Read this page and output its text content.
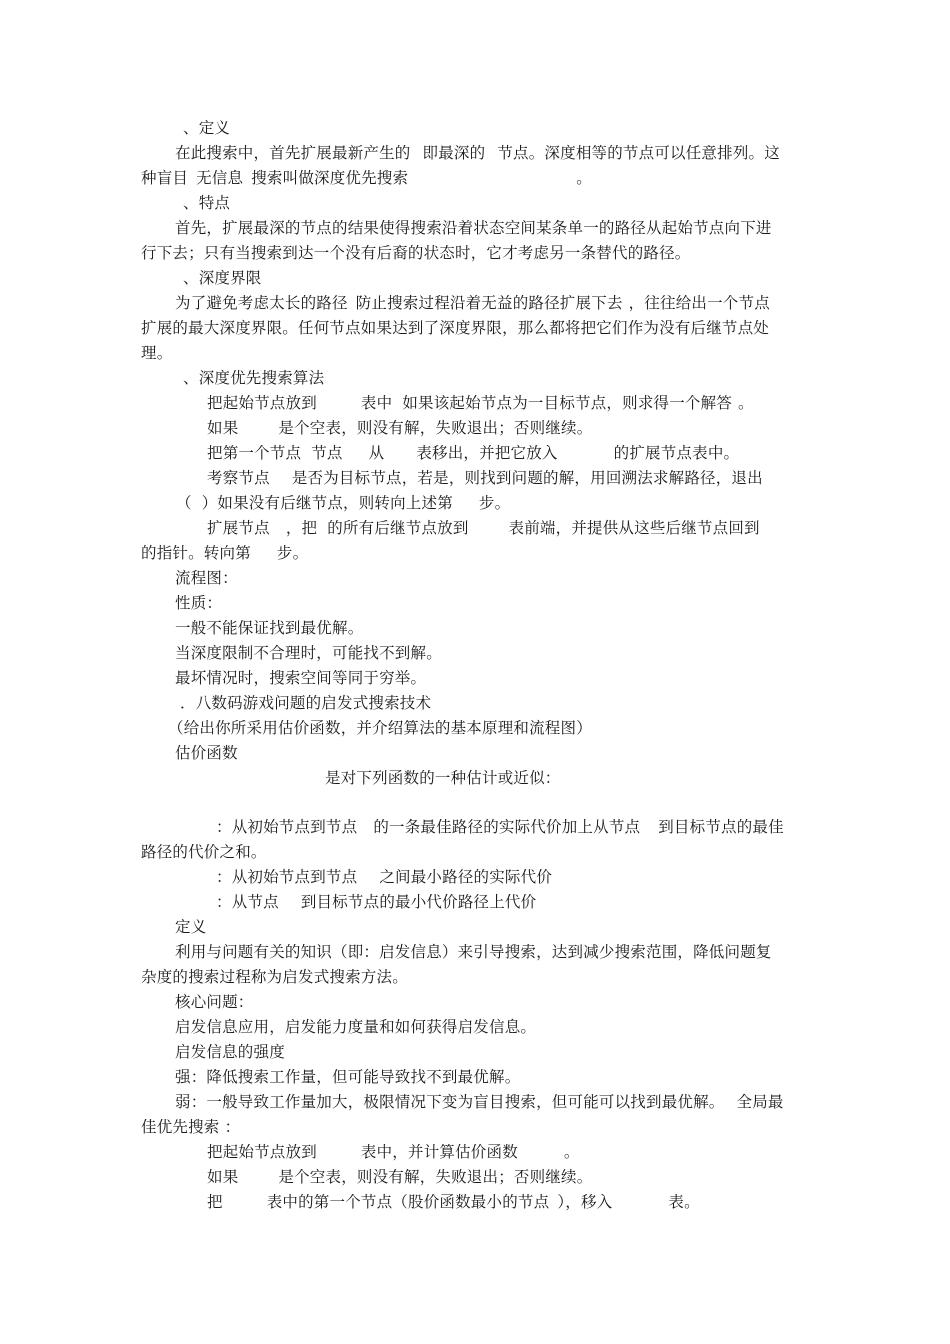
、定义
在此搜索中，首先扩展最新产生的 即最深的 节点。深度相等的节点可以任意排列。这
种盲目 无信息 搜索叫做深度优先搜索	。
、特点
首先，扩展最深的节点的结果使得搜索沿着状态空间某条单一的路径从起始节点向下进
行下去；只有当搜索到达一个没有后裔的状态时，它才考虑另一条替代的路径。
、深度界限
为了避免考虑太长的路径 防止搜索过程沿着无益的路径扩展下去 ，往往给出一个节点
扩展的最大深度界限。任何节点如果达到了深度界限，那么都将把它们作为没有后继节点处
理。
、深度优先搜索算法
把起始节点放到	表中 如果该起始节点为一目标节点，则求得一个解答 。
如果	是个空表，则没有解，失败退出；否则继续。
把第一个节点 节点 从 表移出，并把它放入	的扩展节点表中。
考察节点 是否为目标节点，若是，则找到问题的解，用回溯法求解路径，退出
（ ）如果没有后继节点，则转向上述第 步。
扩展节点 ，把 的所有后继节点放到	表前端，并提供从这些后继节点回到
的指针。转向第 步。
流程图：
性质：
一般不能保证找到最优解。
当深度限制不合理时，可能找不到解。
最坏情况时，搜索空间等同于穷举。
．八数码游戏问题的启发式搜索技术
（给出你所采用估价函数，并介绍算法的基本原理和流程图）
估价函数
是对下列函数的一种估计或近似：
：从初始节点到节点 的一条最佳路径的实际代价加上从节点 到目标节点的最佳
路径的代价之和。
：从初始节点到节点 之间最小路径的实际代价
：从节点 到目标节点的最小代价路径上代价
定义
利用与问题有关的知识（即：启发信息）来引导搜索，达到减少搜索范围，降低问题复
杂度的搜索过程称为启发式搜索方法。
核心问题：
启发信息应用，启发能力度量和如何获得启发信息。
启发信息的强度
强：降低搜索工作量，但可能导致找不到最优解。
弱：一般导致工作量加大，极限情况下变为盲目搜索，但可能可以找到最优解。 全局最
佳优先搜索 ：
把起始节点放到	表中，并计算估价函数	。
如果	是个空表，则没有解，失败退出；否则继续。
把	表中的第一个节点（股价函数最小的节点 ），移入	表。
